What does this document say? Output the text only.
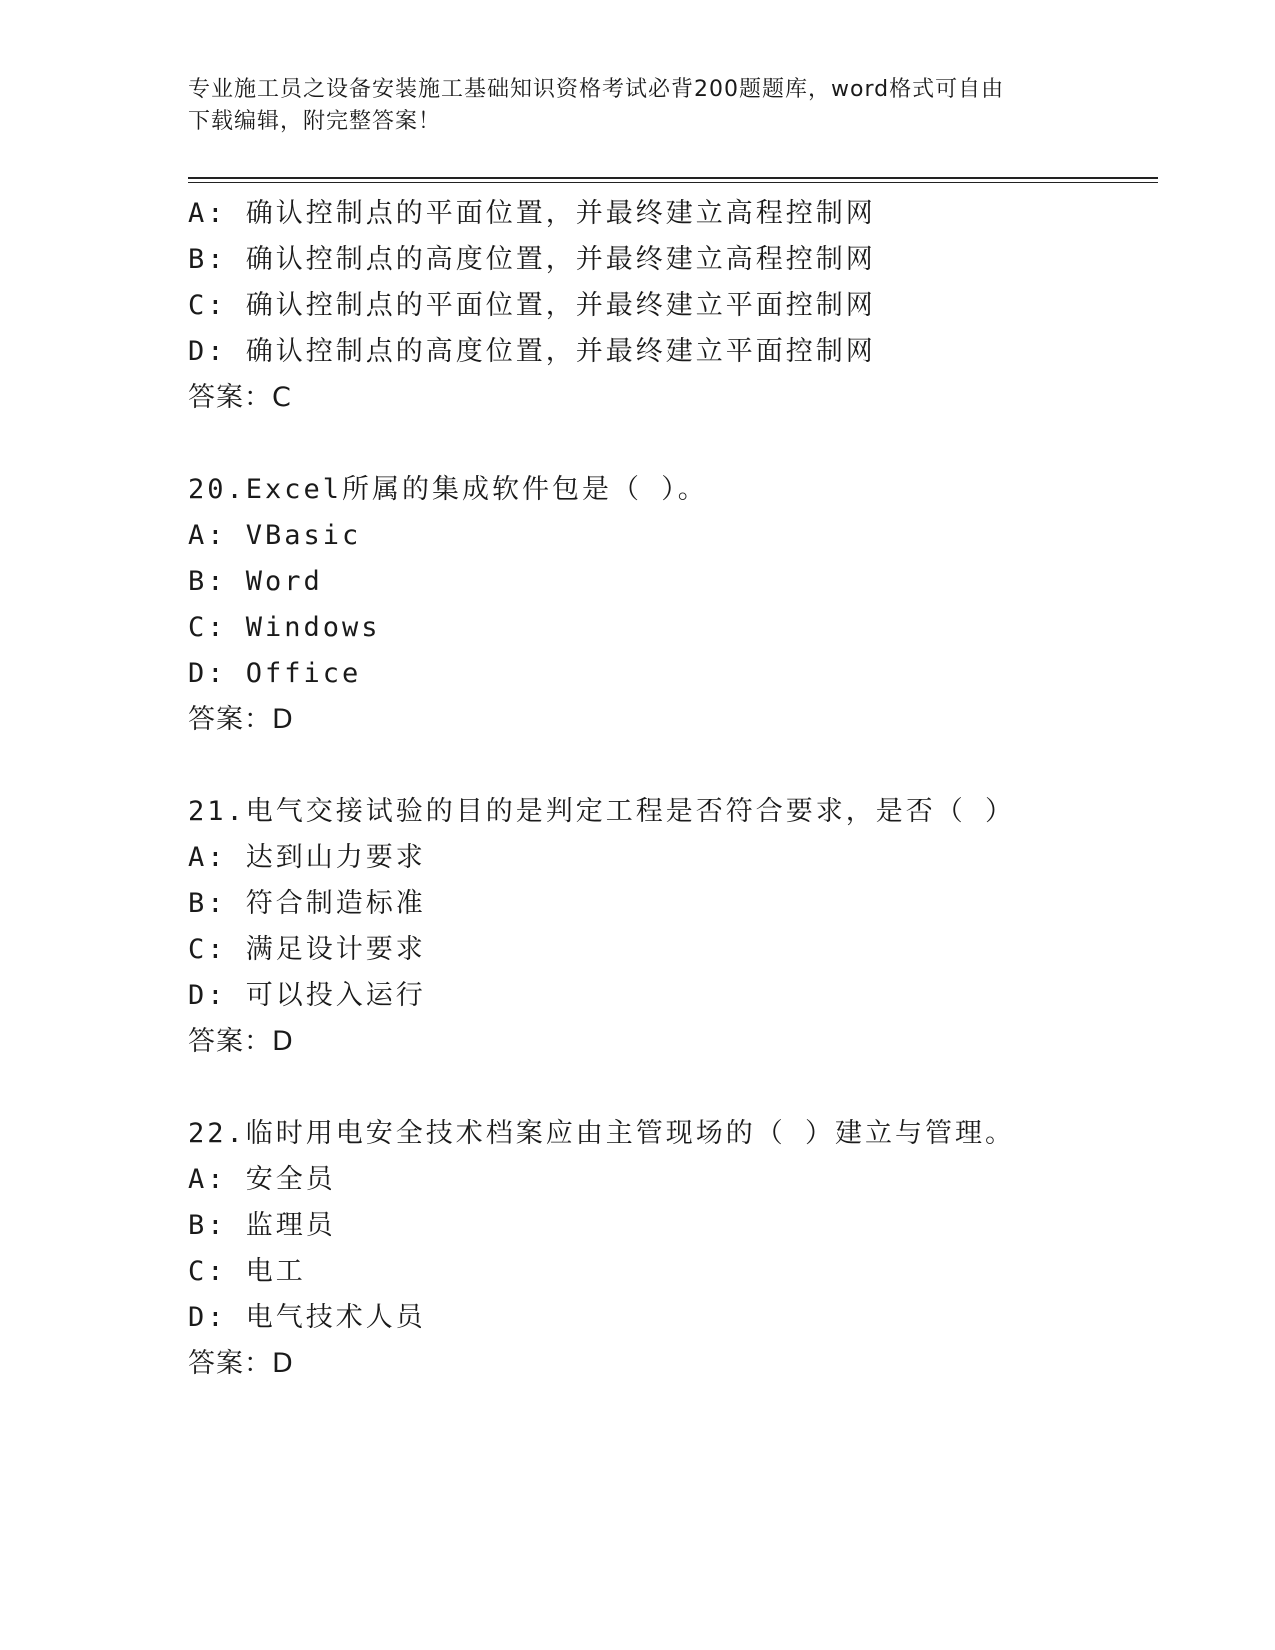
专业施工员之设备安装施工基础知识资格考试必背200题题库，word格式可自由
下载编辑，附完整答案！
A: 确认控制点的平面位置，并最终建立高程控制网
B: 确认控制点的高度位置，并最终建立高程控制网
C: 确认控制点的平面位置，并最终建立平面控制网
D: 确认控制点的高度位置，并最终建立平面控制网
答案：C
20.Excel所属的集成软件包是（ ）。
A: VBasic
B: Word
C: Windows
D: Office
答案：D
21.电气交接试验的目的是判定工程是否符合要求，是否（ ）
A: 达到山力要求
B: 符合制造标准
C: 满足设计要求
D: 可以投入运行
答案：D
22.临时用电安全技术档案应由主管现场的（ ）建立与管理。
A: 安全员
B: 监理员
C: 电工
D: 电气技术人员
答案：D
